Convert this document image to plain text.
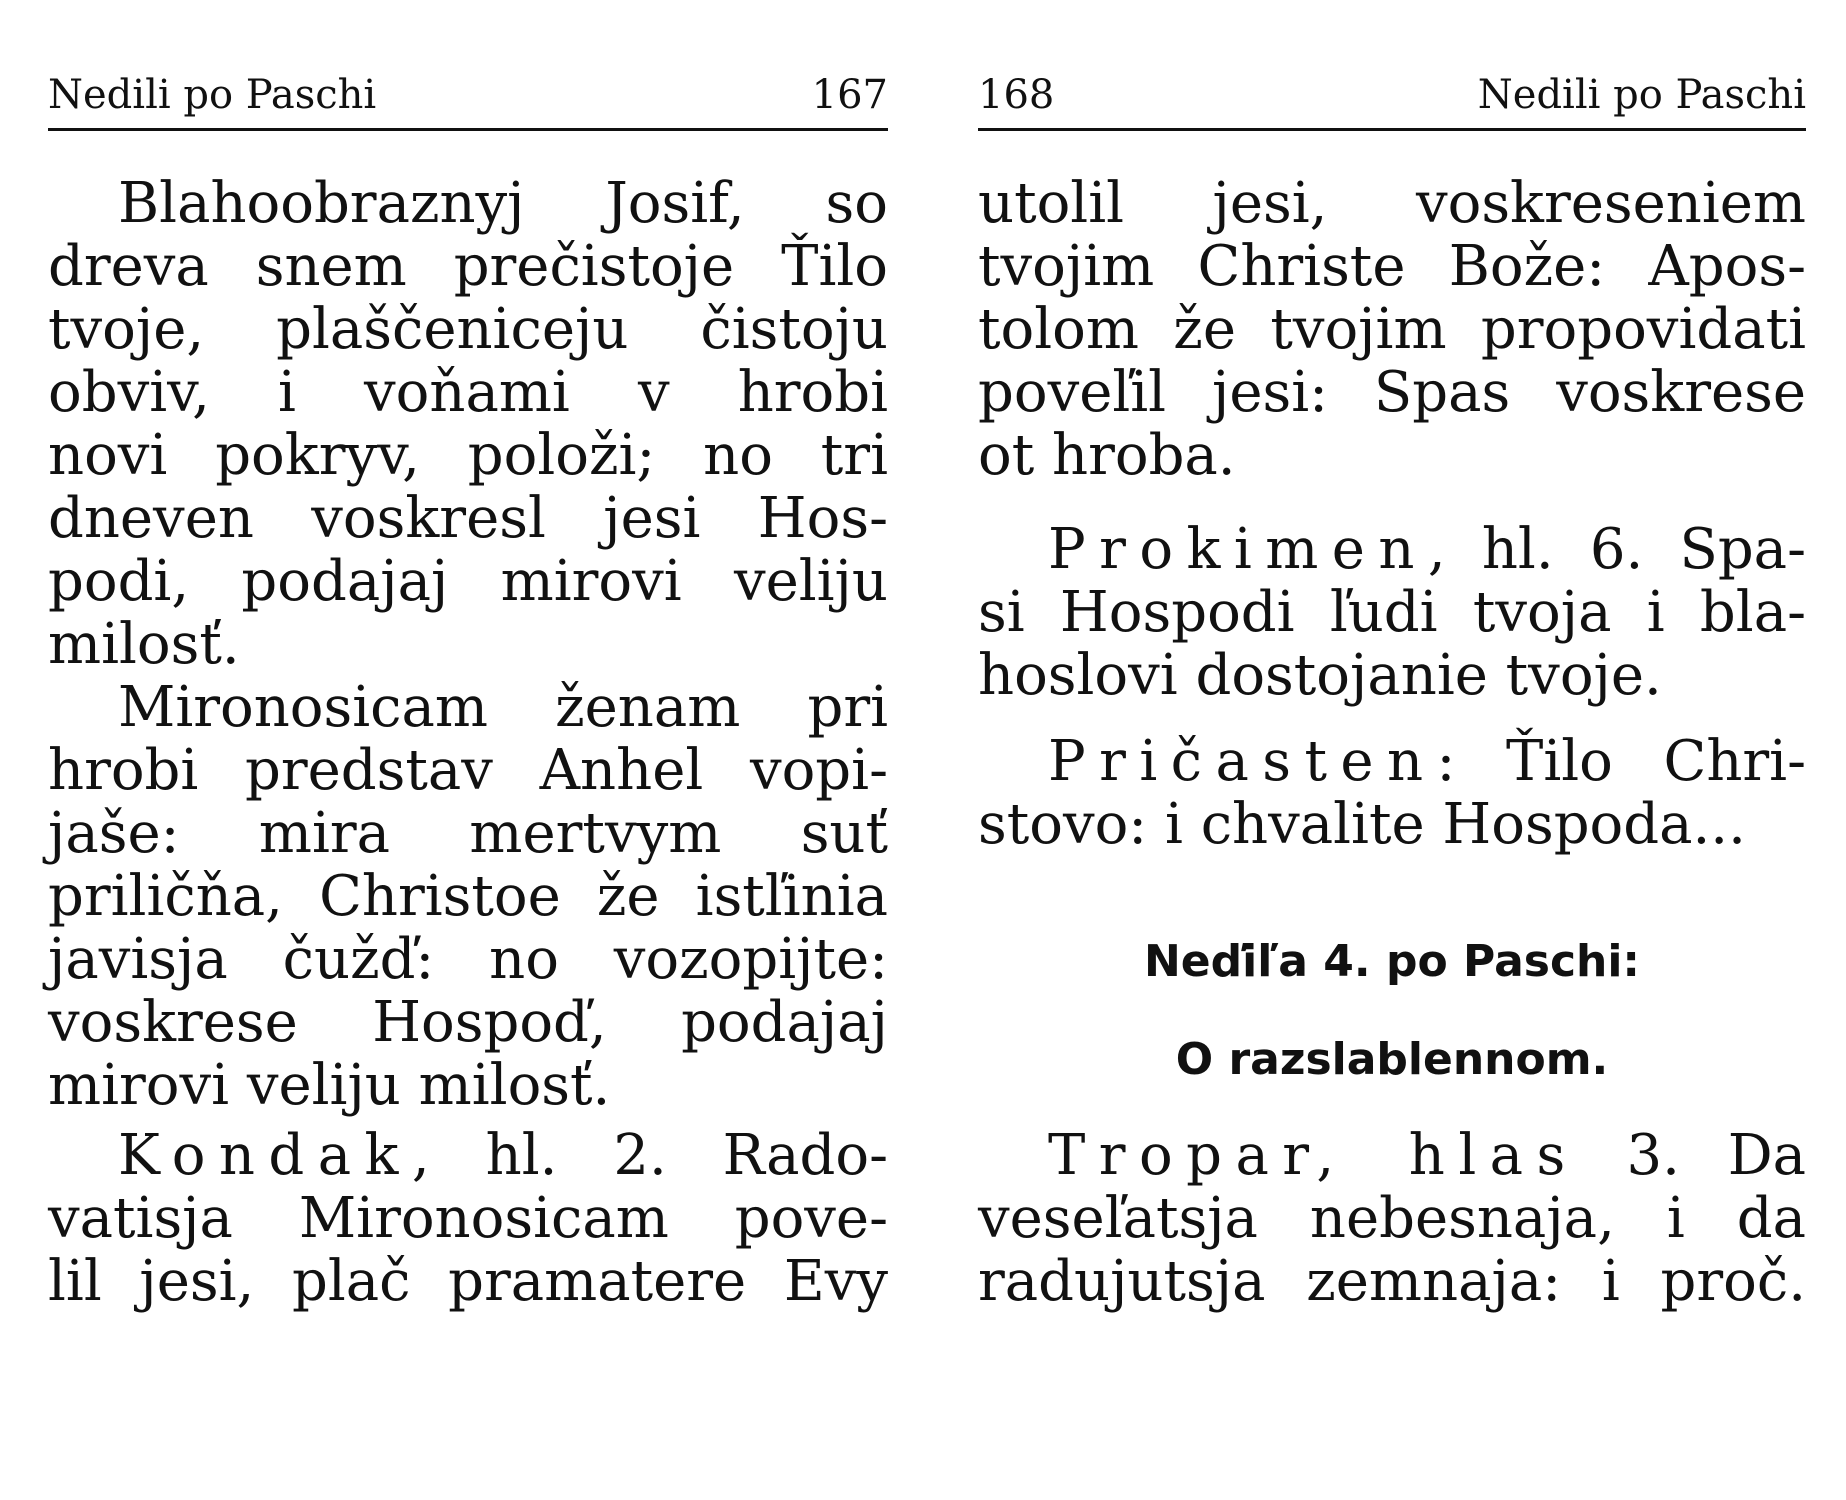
Nedili po Paschi	167
Blahoobraznyj Josif, so
dreva snem prečistoje Ťilo
tvoje, plaščeniceju čistoju
obviv, i voňami v hrobi
novi pokryv, položi; no tri
dneven voskresl jesi Hos-
podi, podajaj mirovi veliju
milosť.
Mironosicam ženam pri
hrobi predstav Anhel vopi-
jaše: mira mertvym suť
priličňa, Christoe že istľinia
javisja čužď: no vozopijte:
voskrese Hospoď, podajaj
mirovi veliju milosť.
Kondak, hl. 2. Rado-
vatisja Mironosicam pove-
lil jesi, plač pramatere Evy
168	Nedili po Paschi
utolil jesi, voskreseniem
tvojim Christe Bože: Apos-
tolom že tvojim propovidati
poveľil jesi: Spas voskrese
ot hroba.
Prokimen, hl. 6. Spa-
si Hospodi ľudi tvoja i bla-
hoslovi dostojanie tvoje.
Pričasten: Ťilo Chri-
stovo: i chvalite Hospoda...
Neďiľa 4. po Paschi:
O razslablennom.
Tropar, hlas 3. Da
veseľatsja nebesnaja, i da
radujutsja zemnaja: i proč.
